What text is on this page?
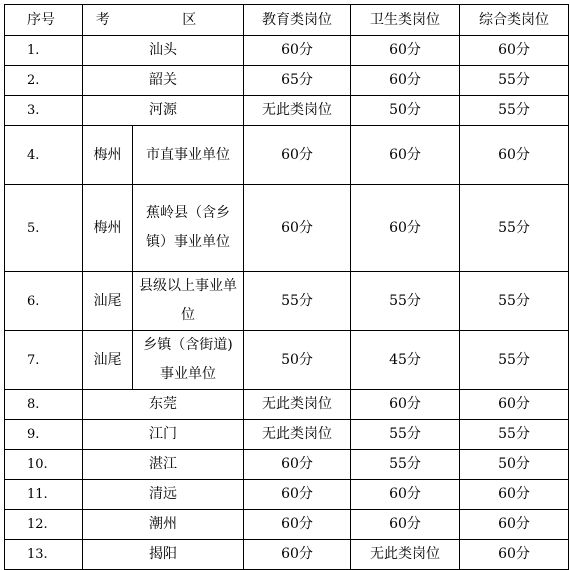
序号	考 区		教育类岗位	卫生类岗位	综合类岗位
1.	汕头		60分	60分	60分
2.	韶关		65分	60分	55分
3.	河源		无此类岗位	50分	55分
4.	梅州	市直事业单位	60分	60分	60分
5.	梅州	蕉岭县（含乡镇）事业单位	60分	60分	55分
6.	汕尾	县级以上事业单位	55分	55分	55分
7.	汕尾	乡镇（含街道)事业单位	50分	45分	55分
8.	东莞		无此类岗位	60分	60分
9.	江门		无此类岗位	55分	55分
10.	湛江		60分	55分	50分
11.	清远		60分	60分	60分
12.	潮州		60分	60分	60分
13.	揭阳		60分	无此类岗位	60分
